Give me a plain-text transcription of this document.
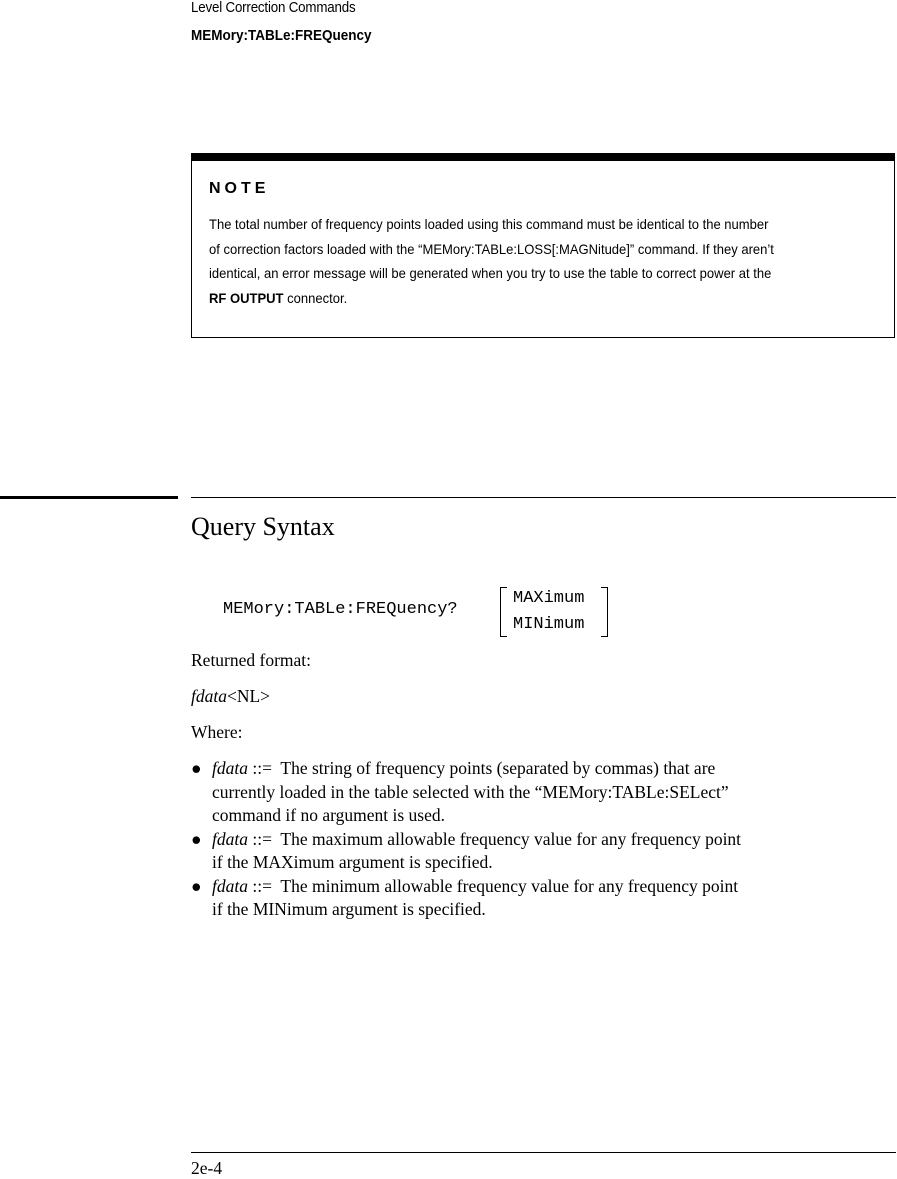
Level Correction Commands
MEMory:TABLe:FREQuency
NOTE
The total number of frequency points loaded using this command must be identical to the number
of correction factors loaded with the “MEMory:TABLe:LOSS[:MAGNitude]” command. If they aren’t
identical, an error message will be generated when you try to use the table to correct power at the
RF OUTPUT connector.
Query Syntax
MEMory:TABLe:FREQuency?
MAXimum
MINimum
Returned format:
fdata<NL>
Where:
● fdata ::=  The string of frequency points (separated by commas) that are
currently loaded in the table selected with the “MEMory:TABLe:SELect”
command if no argument is used.
● fdata ::=  The maximum allowable frequency value for any frequency point
if the MAXimum argument is specified.
● fdata ::=  The minimum allowable frequency value for any frequency point
if the MINimum argument is specified.
2e-4
